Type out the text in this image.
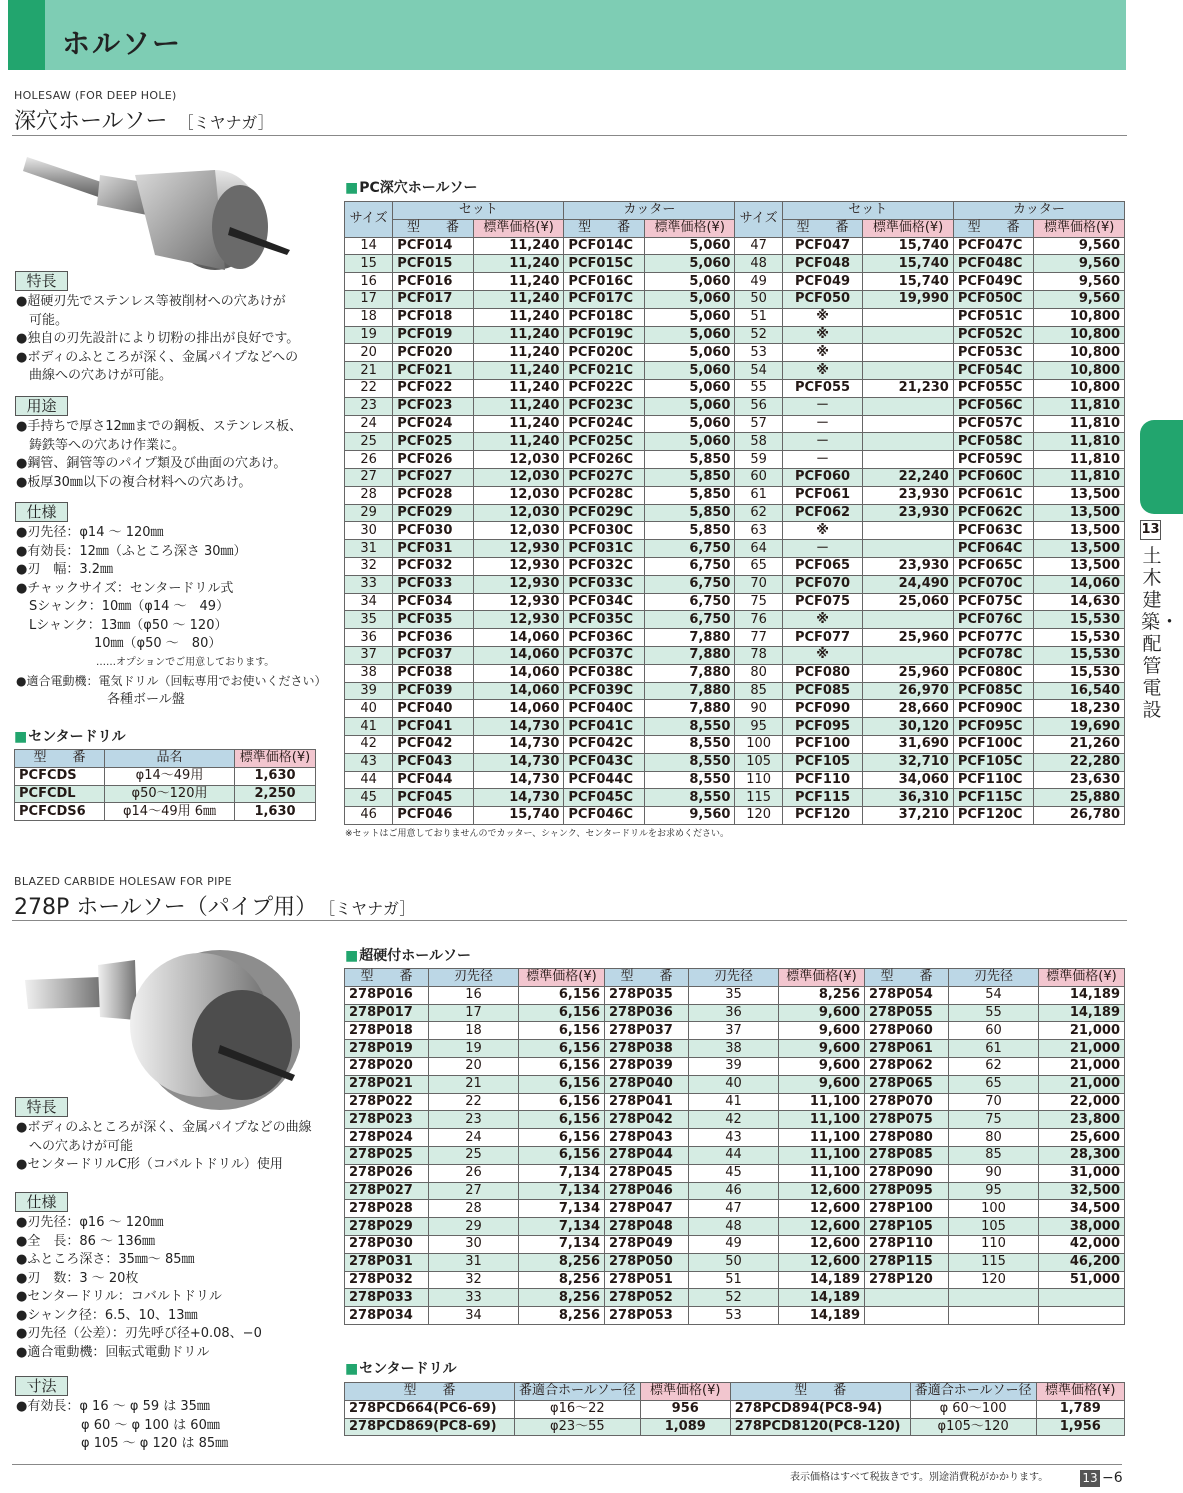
ホルソー
13
土木建築・配管電設
HOLESAW (FOR DEEP HOLE)
深穴ホールソー ［ミヤナガ］
特長
●超硬刃先でステンレス等被削材への穴あけが
　可能。
●独自の刃先設計により切粉の排出が良好です。
●ボディのふところが深く、金属パイプなどへの
　曲線への穴あけが可能。
用途
●手持ちで厚さ12㎜までの鋼板、ステンレス板、
　鋳鉄等への穴あけ作業に。
●鋼管、銅管等のパイプ類及び曲面の穴あけ。
●板厚30㎜以下の複合材料への穴あけ。
仕様
●刃先径：φ14 ～ 120㎜
●有効長：12㎜（ふところ深さ 30㎜）
●刃　幅：3.2㎜
●チャックサイズ：センタードリル式
　Sシャンク：10㎜（φ14 ～　49）
　Lシャンク：13㎜（φ50 ～ 120）
　　　　　　10㎜（φ50 ～　80）
　　　　　　　　……オプションでご用意しております。
●適合電動機：電気ドリル（回転専用でお使いください）
　　　　　　　各種ボール盤
■ センタードリル
型　　番	品名	標準価格(¥)
PCFCDS	φ14～49用	1,630
PCFCDL	φ50～120用	2,250
PCFCDS6	φ14～49用 6㎜	1,630
■ PC深穴ホールソー
サイズ	セット		カッター		サイズ	セット		カッター	
	型　　番	標準価格(¥)	型　　番	標準価格(¥)		型　　番	標準価格(¥)	型　　番	標準価格(¥)
14	PCF014	11,240	PCF014C	5,060	47	PCF047	15,740	PCF047C	9,560
15	PCF015	11,240	PCF015C	5,060	48	PCF048	15,740	PCF048C	9,560
16	PCF016	11,240	PCF016C	5,060	49	PCF049	15,740	PCF049C	9,560
17	PCF017	11,240	PCF017C	5,060	50	PCF050	19,990	PCF050C	9,560
18	PCF018	11,240	PCF018C	5,060	51	※		PCF051C	10,800
19	PCF019	11,240	PCF019C	5,060	52	※		PCF052C	10,800
20	PCF020	11,240	PCF020C	5,060	53	※		PCF053C	10,800
21	PCF021	11,240	PCF021C	5,060	54	※		PCF054C	10,800
22	PCF022	11,240	PCF022C	5,060	55	PCF055	21,230	PCF055C	10,800
23	PCF023	11,240	PCF023C	5,060	56	－		PCF056C	11,810
24	PCF024	11,240	PCF024C	5,060	57	－		PCF057C	11,810
25	PCF025	11,240	PCF025C	5,060	58	－		PCF058C	11,810
26	PCF026	12,030	PCF026C	5,850	59	－		PCF059C	11,810
27	PCF027	12,030	PCF027C	5,850	60	PCF060	22,240	PCF060C	11,810
28	PCF028	12,030	PCF028C	5,850	61	PCF061	23,930	PCF061C	13,500
29	PCF029	12,030	PCF029C	5,850	62	PCF062	23,930	PCF062C	13,500
30	PCF030	12,030	PCF030C	5,850	63	※		PCF063C	13,500
31	PCF031	12,930	PCF031C	6,750	64	－		PCF064C	13,500
32	PCF032	12,930	PCF032C	6,750	65	PCF065	23,930	PCF065C	13,500
33	PCF033	12,930	PCF033C	6,750	70	PCF070	24,490	PCF070C	14,060
34	PCF034	12,930	PCF034C	6,750	75	PCF075	25,060	PCF075C	14,630
35	PCF035	12,930	PCF035C	6,750	76	※		PCF076C	15,530
36	PCF036	14,060	PCF036C	7,880	77	PCF077	25,960	PCF077C	15,530
37	PCF037	14,060	PCF037C	7,880	78	※		PCF078C	15,530
38	PCF038	14,060	PCF038C	7,880	80	PCF080	25,960	PCF080C	15,530
39	PCF039	14,060	PCF039C	7,880	85	PCF085	26,970	PCF085C	16,540
40	PCF040	14,060	PCF040C	7,880	90	PCF090	28,660	PCF090C	18,230
41	PCF041	14,730	PCF041C	8,550	95	PCF095	30,120	PCF095C	19,690
42	PCF042	14,730	PCF042C	8,550	100	PCF100	31,690	PCF100C	21,260
43	PCF043	14,730	PCF043C	8,550	105	PCF105	32,710	PCF105C	22,280
44	PCF044	14,730	PCF044C	8,550	110	PCF110	34,060	PCF110C	23,630
45	PCF045	14,730	PCF045C	8,550	115	PCF115	36,310	PCF115C	25,880
46	PCF046	15,740	PCF046C	9,560	120	PCF120	37,210	PCF120C	26,780
※セットはご用意しておりませんのでカッター、シャンク、センタードリルをお求めください。
BLAZED CARBIDE HOLESAW FOR PIPE
278P ホールソー（パイプ用） ［ミヤナガ］
特長
●ボディのふところが深く、金属パイプなどの曲線
　への穴あけが可能
●センタードリルC形（コバルトドリル）使用
仕様
●刃先径：φ16 ～ 120㎜
●全　長：86 ～ 136㎜
●ふところ深さ：35㎜～ 85㎜
●刃　数：3 ～ 20枚
●センタードリル：コバルトドリル
●シャンク径：6.5、10、13㎜
●刃先径（公差）：刃先呼び径+0.08、−0
●適合電動機：回転式電動ドリル
寸法
●有効長：φ 16 ～ φ 59 は 35㎜
　　　　　φ 60 ～ φ 100 は 60㎜
　　　　　φ 105 ～ φ 120 は 85㎜
■ 超硬付ホールソー
型　　番	刃先径	標準価格(¥)	型　　番	刃先径	標準価格(¥)	型　　番	刃先径	標準価格(¥)
278P016	16	6,156	278P035	35	8,256	278P054	54	14,189
278P017	17	6,156	278P036	36	9,600	278P055	55	14,189
278P018	18	6,156	278P037	37	9,600	278P060	60	21,000
278P019	19	6,156	278P038	38	9,600	278P061	61	21,000
278P020	20	6,156	278P039	39	9,600	278P062	62	21,000
278P021	21	6,156	278P040	40	9,600	278P065	65	21,000
278P022	22	6,156	278P041	41	11,100	278P070	70	22,000
278P023	23	6,156	278P042	42	11,100	278P075	75	23,800
278P024	24	6,156	278P043	43	11,100	278P080	80	25,600
278P025	25	6,156	278P044	44	11,100	278P085	85	28,300
278P026	26	7,134	278P045	45	11,100	278P090	90	31,000
278P027	27	7,134	278P046	46	12,600	278P095	95	32,500
278P028	28	7,134	278P047	47	12,600	278P100	100	34,500
278P029	29	7,134	278P048	48	12,600	278P105	105	38,000
278P030	30	7,134	278P049	49	12,600	278P110	110	42,000
278P031	31	8,256	278P050	50	12,600	278P115	115	46,200
278P032	32	8,256	278P051	51	14,189	278P120	120	51,000
278P033	33	8,256	278P052	52	14,189			
278P034	34	8,256	278P053	53	14,189			
■ センタードリル
型　　番	番適合ホールソー径	標準価格(¥)	型　　番	番適合ホールソー径	標準価格(¥)
278PCD664(PC6-69)	φ16～22	956	278PCD894(PC8-94)	φ 60～100	1,789
278PCD869(PC8-69)	φ23～55	1,089	278PCD8120(PC8-120)	φ105～120	1,956
表示価格はすべて税抜きです。別途消費税がかかります。	13 −6
